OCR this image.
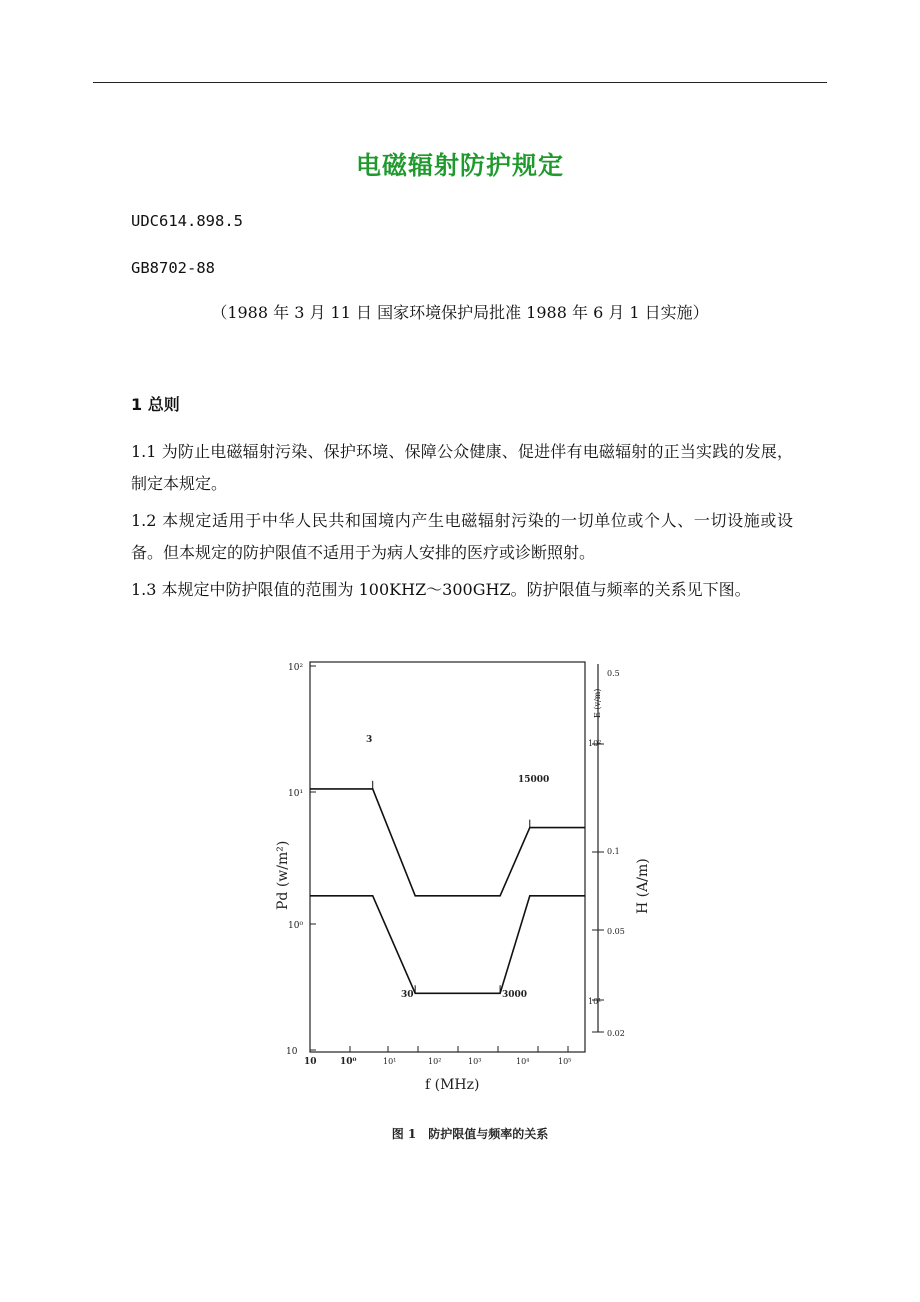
电磁辐射防护规定
UDC614.898.5
GB8702-88
（1988 年 3 月 11 日 国家环境保护局批准 1988 年 6 月 1 日实施）
1 总则
1.1 为防止电磁辐射污染、保护环境、保障公众健康、促进伴有电磁辐射的正当实践的发展，制定本规定。
1.2 本规定适用于中华人民共和国境内产生电磁辐射污染的一切单位或个人、一切设施或设备。但本规定的防护限值不适用于为病人安排的医疗或诊断照射。
1.3 本规定中防护限值的范围为 100KHZ～300GHZ。防护限值与频率的关系见下图。
10²
10¹
10⁰
10
10	10⁰	10¹	10²	10³	10⁴	10⁵
0.5
10²
0.1
0.05
10¹
0.02
3
15000
30	3000
f (MHz)
Pd (w/m²)
E (v/m)
H (A/m)
图 1　防护限值与频率的关系
